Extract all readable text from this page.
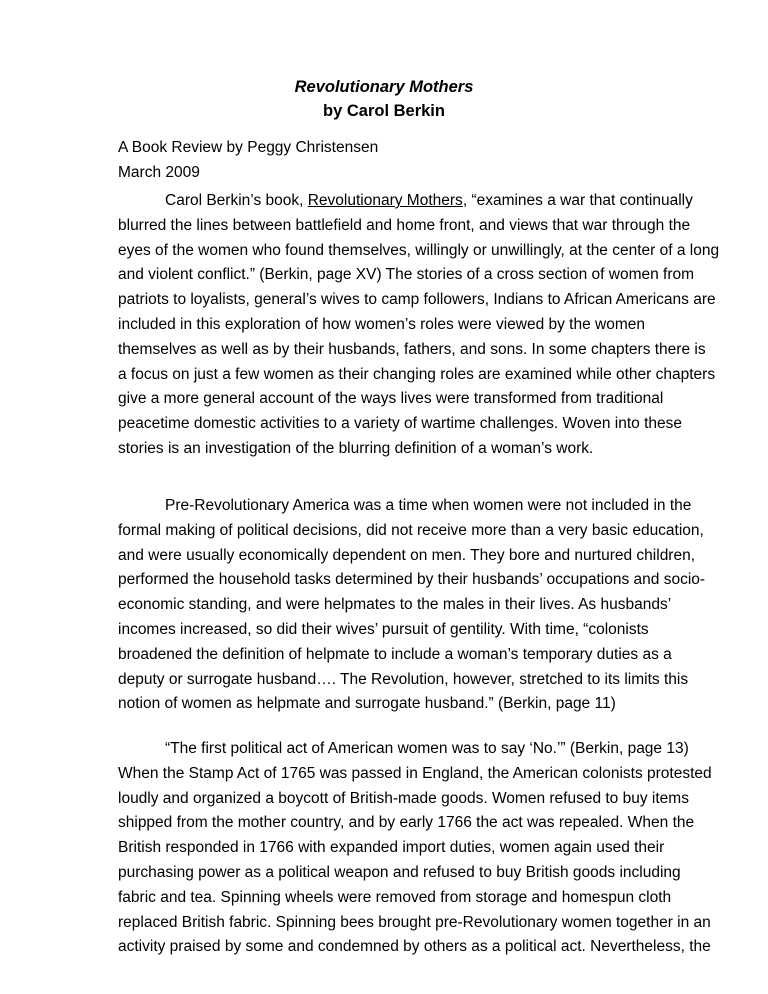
Revolutionary Mothers
by Carol Berkin
A Book Review by Peggy Christensen
March 2009
Carol Berkin’s book, Revolutionary Mothers, “examines a war that continually
blurred the lines between battlefield and home front, and views that war through the
eyes of the women who found themselves, willingly or unwillingly, at the center of a long
and violent conflict.” (Berkin, page XV) The stories of a cross section of women from
patriots to loyalists, general’s wives to camp followers, Indians to African Americans are
included in this exploration of how women’s roles were viewed by the women
themselves as well as by their husbands, fathers, and sons. In some chapters there is
a focus on just a few women as their changing roles are examined while other chapters
give a more general account of the ways lives were transformed from traditional
peacetime domestic activities to a variety of wartime challenges. Woven into these
stories is an investigation of the blurring definition of a woman’s work.
Pre-Revolutionary America was a time when women were not included in the
formal making of political decisions, did not receive more than a very basic education,
and were usually economically dependent on men. They bore and nurtured children,
performed the household tasks determined by their husbands’ occupations and socio-
economic standing, and were helpmates to the males in their lives. As husbands’
incomes increased, so did their wives’ pursuit of gentility. With time, “colonists
broadened the definition of helpmate to include a woman’s temporary duties as a
deputy or surrogate husband…. The Revolution, however, stretched to its limits this
notion of women as helpmate and surrogate husband.” (Berkin, page 11)
“The first political act of American women was to say ‘No.’” (Berkin, page 13)
When the Stamp Act of 1765 was passed in England, the American colonists protested
loudly and organized a boycott of British-made goods. Women refused to buy items
shipped from the mother country, and by early 1766 the act was repealed. When the
British responded in 1766 with expanded import duties, women again used their
purchasing power as a political weapon and refused to buy British goods including
fabric and tea. Spinning wheels were removed from storage and homespun cloth
replaced British fabric. Spinning bees brought pre-Revolutionary women together in an
activity praised by some and condemned by others as a political act. Nevertheless, the
